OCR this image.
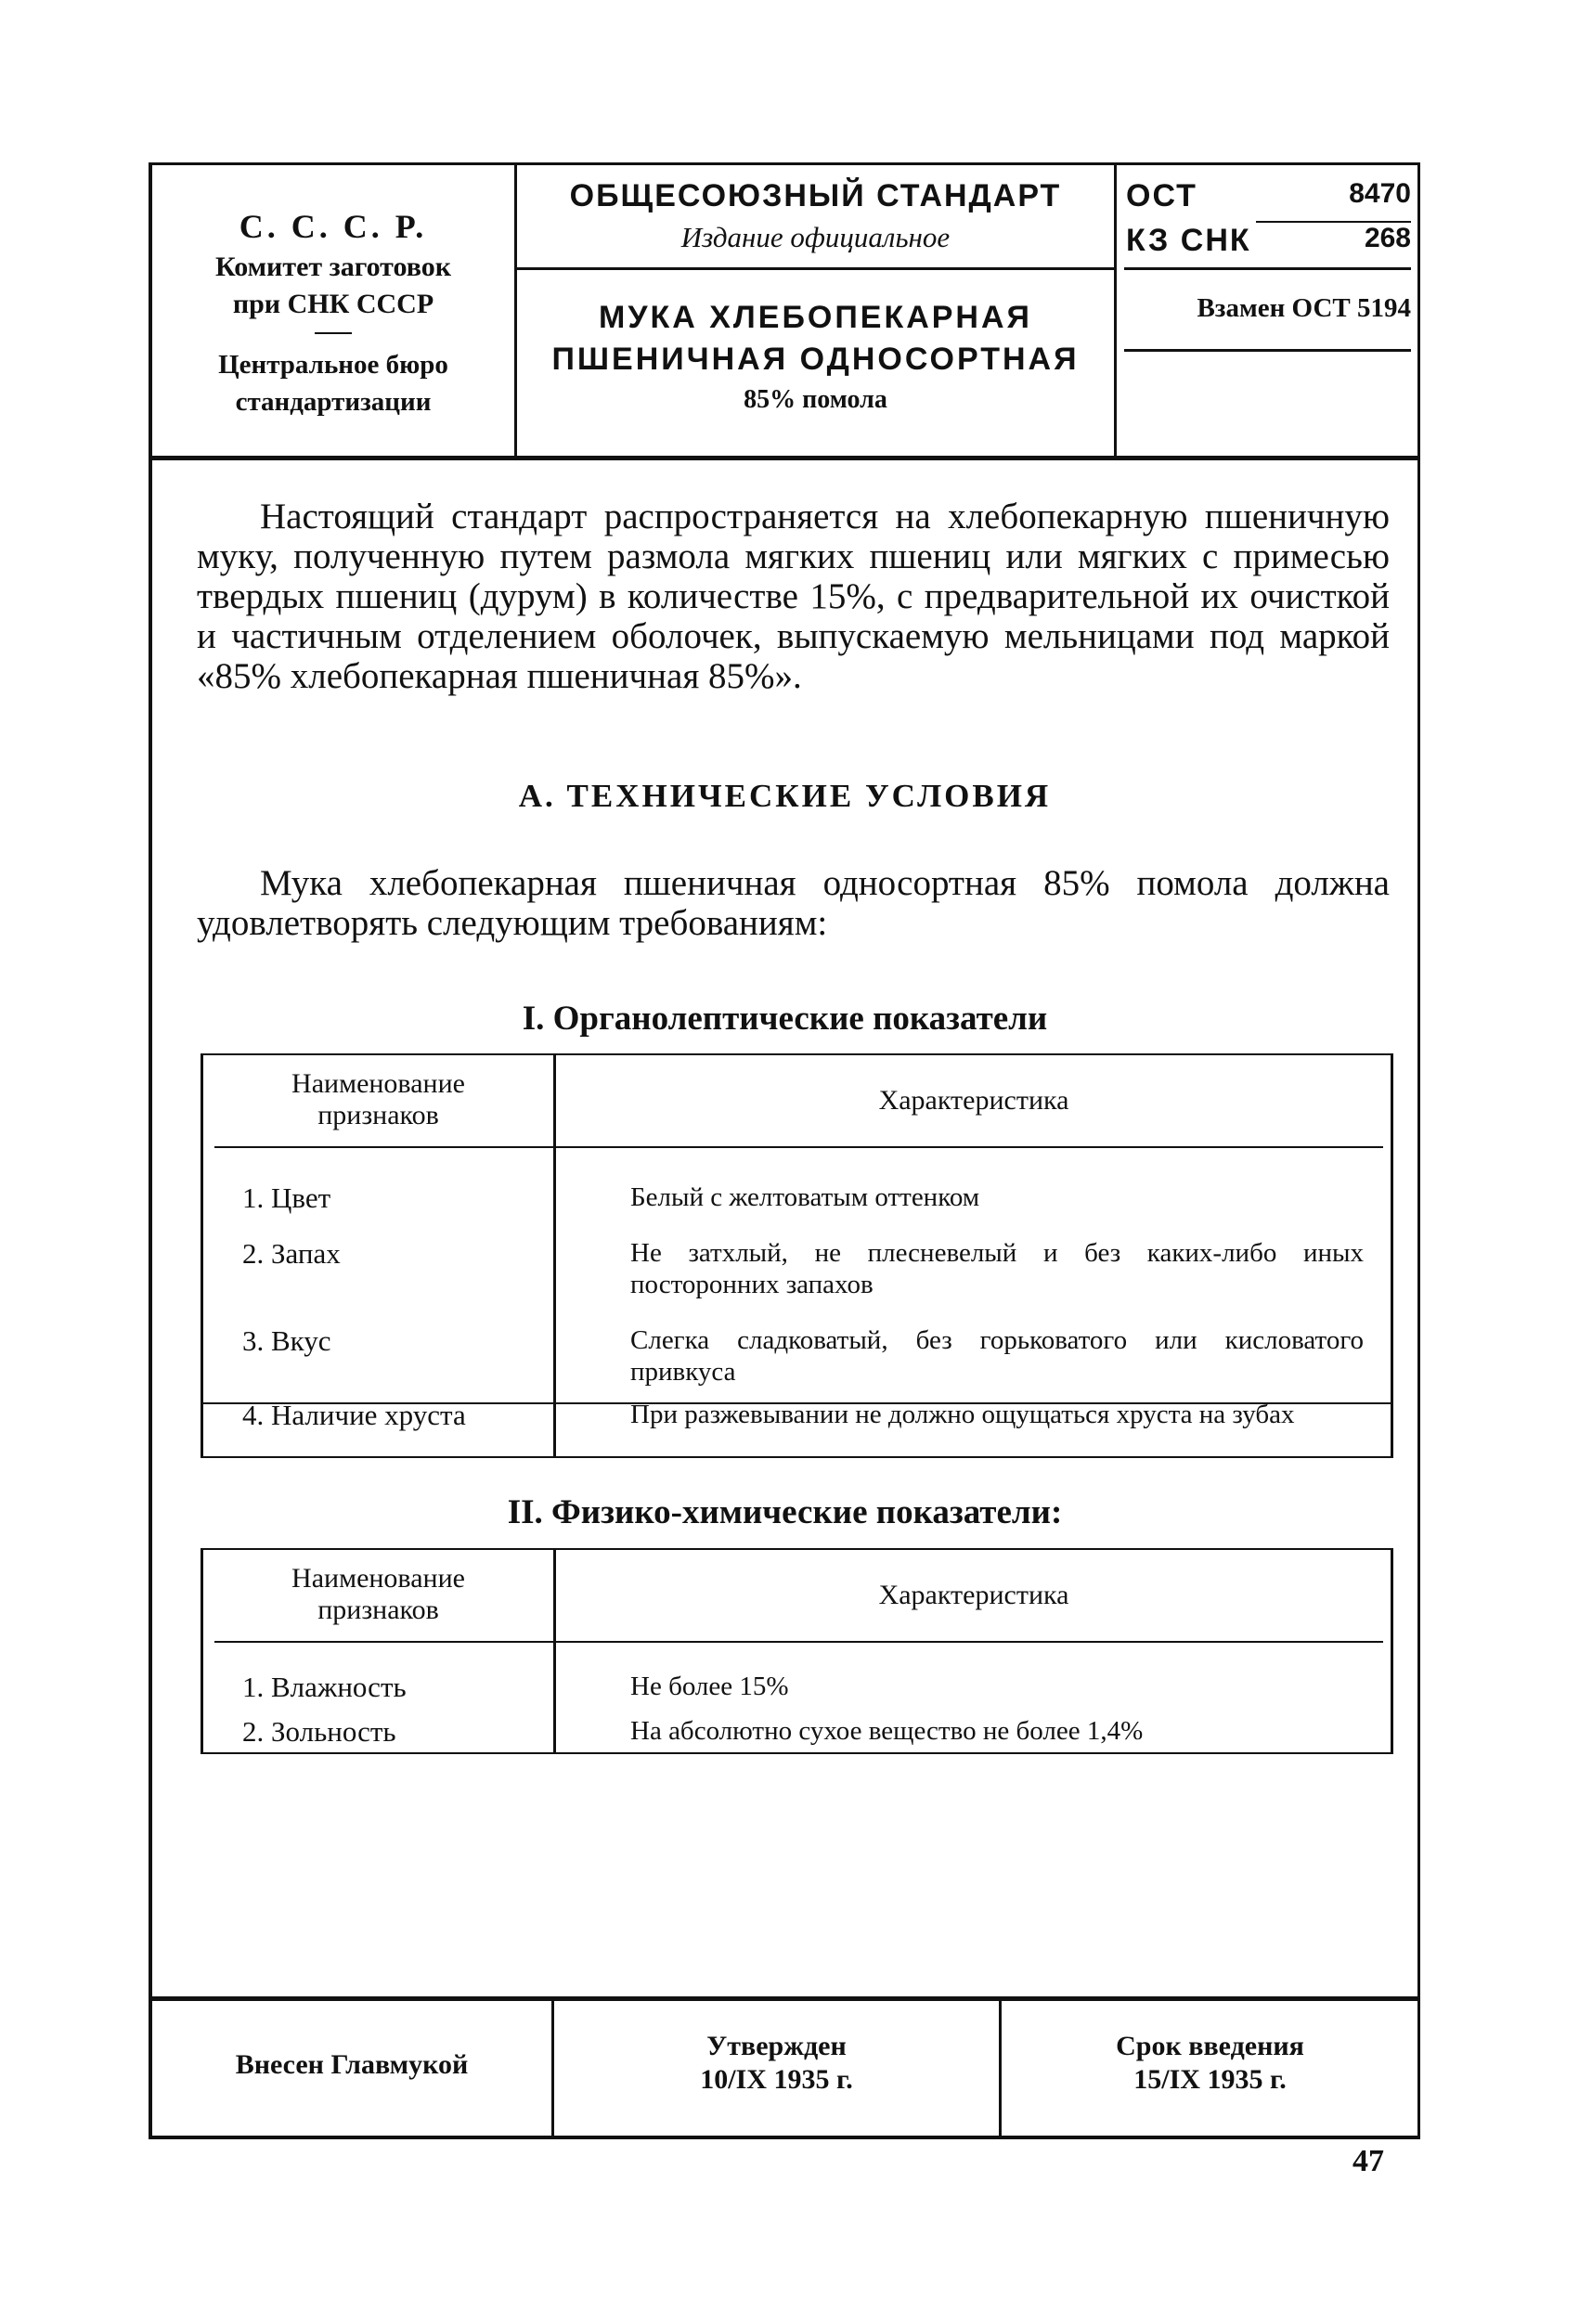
С. С. С. Р.
Комитет заготовок
при СНК СССР
Центральное бюро
стандартизации
ОБЩЕСОЮЗНЫЙ СТАНДАРТ
Издание официальное
МУКА ХЛЕБОПЕКАРНАЯ
ПШЕНИЧНАЯ ОДНОСОРТНАЯ
85% помола
ОСТ	8470
КЗ СНК	268
Взамен ОСТ 5194
Настоящий стандарт распространяется на хлебопекарную пшеничную муку, полученную путем размола мягких пшениц или мягких с примесью твердых пшениц (дурум) в количестве 15%, с предварительной их очисткой и частичным отделением оболочек, выпускаемую мельницами под маркой «85% хлебопекарная пшеничная 85%».
А. ТЕХНИЧЕСКИЕ УСЛОВИЯ
Мука хлебопекарная пшеничная односортная 85% помола должна удовлетворять следующим требованиям:
I. Органолептические показатели
Наименование
признаков	Характеристика
1. Цвет	Белый с желтоватым оттенком
2. Запах	Не затхлый, не плесневелый и без каких-либо иных посторонних запахов
3. Вкус	Слегка сладковатый, без горьковатого или кисловатого привкуса
4. Наличие хруста	При разжевывании не должно ощущаться хруста на зубах
II. Физико-химические показатели:
Наименование
признаков	Характеристика
1. Влажность	Не более 15%
2. Зольность	На абсолютно сухое вещество не более 1,4%
Внесен Главмукой
Утвержден
10/IX 1935 г.
Срок введения
15/IX 1935 г.
47
